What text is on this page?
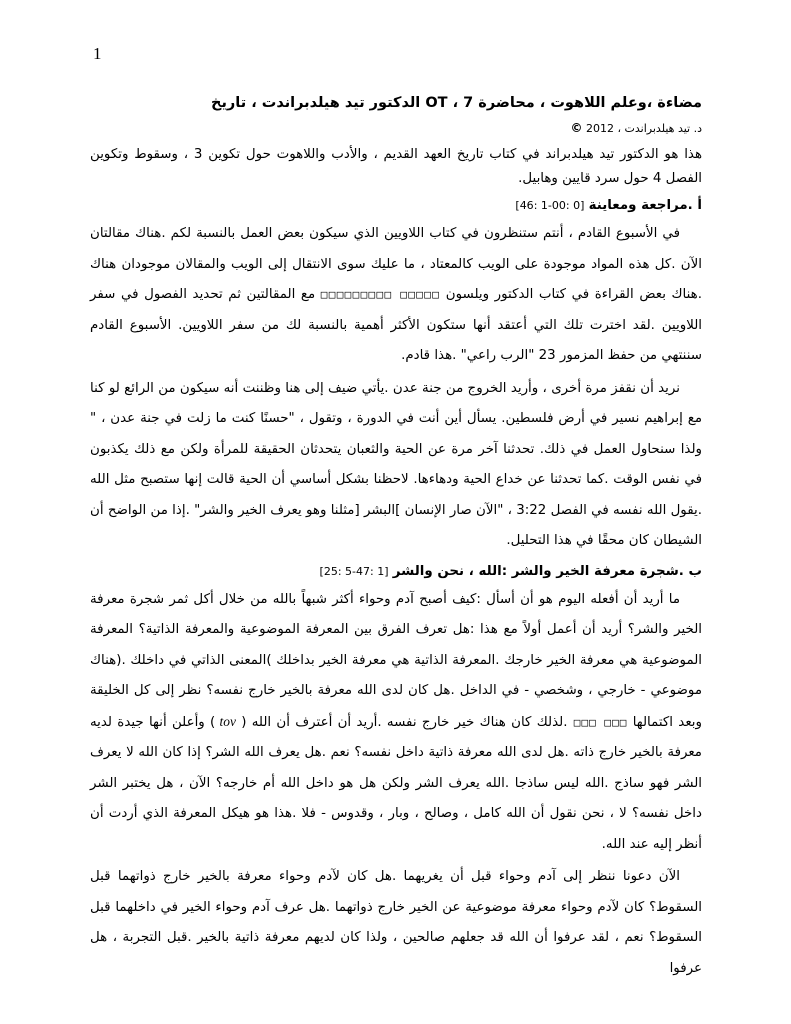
1

مضاءة ،وعلم اللاهوت ، محاضرة 7 ، OT الدكتور تيد هيلدبراندت ، تاريخ

د. تيد هيلدبراندت ، 2012 ©

هذا هو الدكتور تيد هيلدبراند في كتاب تاريخ العهد القديم ، والأدب واللاهوت حول تكوين 3 ، وسقوط وتكوين الفصل 4 حول سرد قايين وهابيل.

أ .مراجعة ومعاينة [0 :00-1 :46]

في الأسبوع القادم ، أنتم ستنظرون في كتاب اللاويين الذي سيكون بعض العمل بالنسبة لكم .هناك مقالتان الآن .كل هذه المواد موجودة على الويب كالمعتاد ، ما عليك سوى الانتقال إلى الويب والمقالان موجودان هناك .هناك بعض القراءة في كتاب الدكتور ويلسون □□□□□ □□□□□□□□□ مع المقالتين ثم تحديد الفصول في سفر اللاويين .لقد اخترت تلك التي أعتقد أنها ستكون الأكثر أهمية بالنسبة لك من سفر اللاويين. الأسبوع القادم سننتهي من حفظ المزمور 23 "الرب راعي" .هذا قادم.

نريد أن نقفز مرة أخرى ، وأريد الخروج من جنة عدن .يأتي ضيف إلى هنا وظننت أنه سيكون من الرائع لو كنا مع إبراهيم نسير في أرض فلسطين. يسأل أين أنت في الدورة ، وتقول ، "حسنًا كنت ما زلت في جنة عدن ، " ولذا سنحاول العمل في ذلك. تحدثنا آخر مرة عن الحية والثعبان يتحدثان الحقيقة للمرأة ولكن مع ذلك يكذبون في نفس الوقت .كما تحدثنا عن خداع الحية ودهاءها. لاحظنا بشكل أساسي أن الحية قالت إنها ستصبح مثل الله .يقول الله نفسه في الفصل 3:22 ، "الآن صار الإنسان ]البشر [مثلنا وهو يعرف الخير والشر" .إذا من الواضح أن الشيطان كان محقًا في هذا التحليل.

ب .شجرة معرفة الخير والشر :الله ، نحن والشر [1 :47-5 :25]

ما أريد أن أفعله اليوم هو أن أسأل :كيف أصبح آدم وحواء أكثر شبهاً بالله من خلال أكل ثمر شجرة معرفة الخير والشر؟ أريد أن أعمل أولاً مع هذا :هل تعرف الفرق بين المعرفة الموضوعية والمعرفة الذاتية؟ المعرفة الموضوعية هي معرفة الخير خارجك .المعرفة الذاتية هي معرفة الخير بداخلك )المعنى الذاتي في داخلك .(هناك موضوعي - خارجي ، وشخصي - في الداخل .هل كان لدى الله معرفة بالخير خارج نفسه؟ نظر إلى كل الخليقة وبعد اكتمالها □□□ □□□ .لذلك كان هناك خير خارج نفسه .أريد أن أعترف أن الله ( tov ) وأعلن أنها جيدة لديه معرفة بالخير خارج ذاته .هل لدى الله معرفة ذاتية داخل نفسه؟ نعم .هل يعرف الله الشر؟ إذا كان الله لا يعرف الشر فهو ساذج .الله ليس ساذجا .الله يعرف الشر ولكن هل هو داخل الله أم خارجه؟ الآن ، هل يختبر الشر داخل نفسه؟ لا ، نحن نقول أن الله كامل ، وصالح ، وبار ، وقدوس - فلا .هذا هو هيكل المعرفة الذي أردت أن أنظر إليه عند الله.

الآن دعونا ننظر إلى آدم وحواء قبل أن يغريهما .هل كان لآدم وحواء معرفة بالخير خارج ذواتهما قبل السقوط؟ كان لآدم وحواء معرفة موضوعية عن الخير خارج ذواتهما .هل عرف آدم وحواء الخير في داخلهما قبل السقوط؟ نعم ، لقد عرفوا أن الله قد جعلهم صالحين ، ولذا كان لديهم معرفة ذاتية بالخير .قبل التجربة ، هل عرفوا
